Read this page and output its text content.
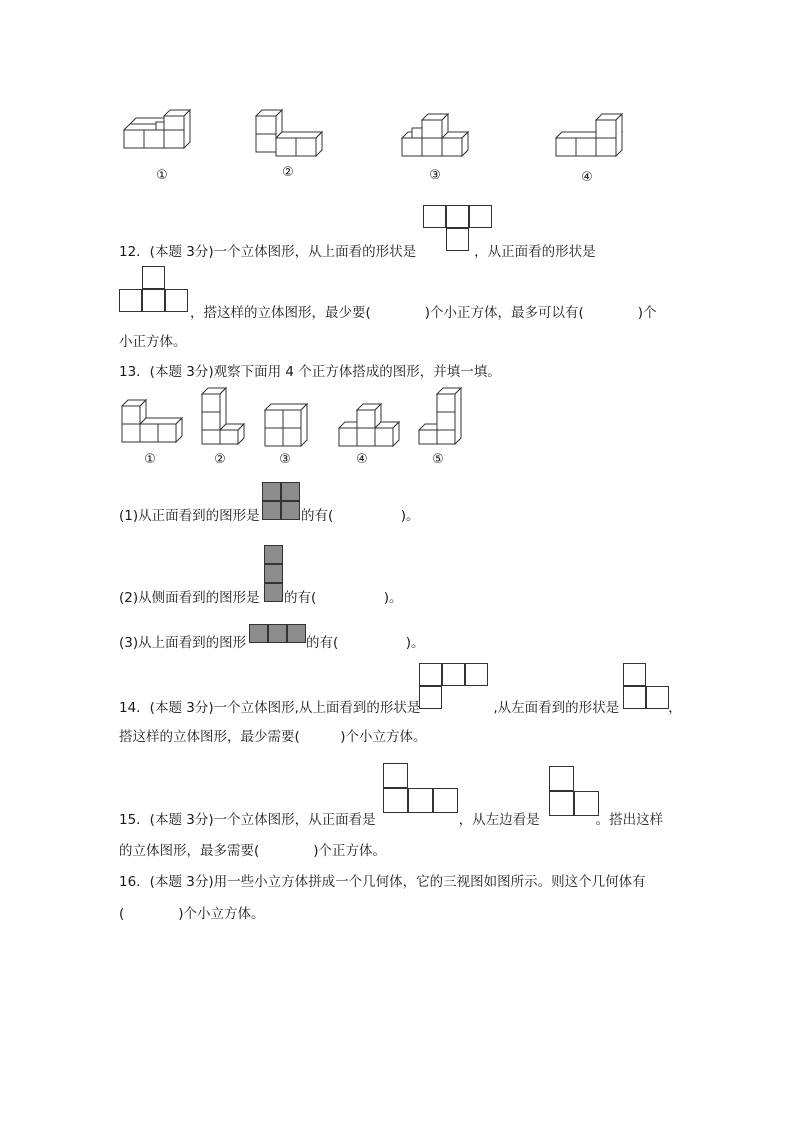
①	②	③	④
12．(本题 3分)一个立体图形，从上面看的形状是	，从正面看的形状是
，搭这样的立体图形，最少要(　　　　)个小正方体，最多可以有(　　　　)个
小正方体。
13．(本题 3分)观察下面用 4 个正方体搭成的图形，并填一填。
①	②	③	④	⑤
(1)从正面看到的图形是	的有(　　　　　)。
(2)从侧面看到的图形是 的有(　　　　　)。
(3)从上面看到的图形	的有(　　　　　)。
14．(本题 3分)一个立体图形,从上面看到的形状是	,从左面看到的形状是	，
搭这样的立体图形，最少需要(　　　)个小立方体。
15．(本题 3分)一个立体图形，从正面看是	，从左边看是	。搭出这样
的立体图形，最多需要(　　　　)个正方体。
16．(本题 3分)用一些小立方体拼成一个几何体，它的三视图如图所示。则这个几何体有
(　　　　)个小立方体。
